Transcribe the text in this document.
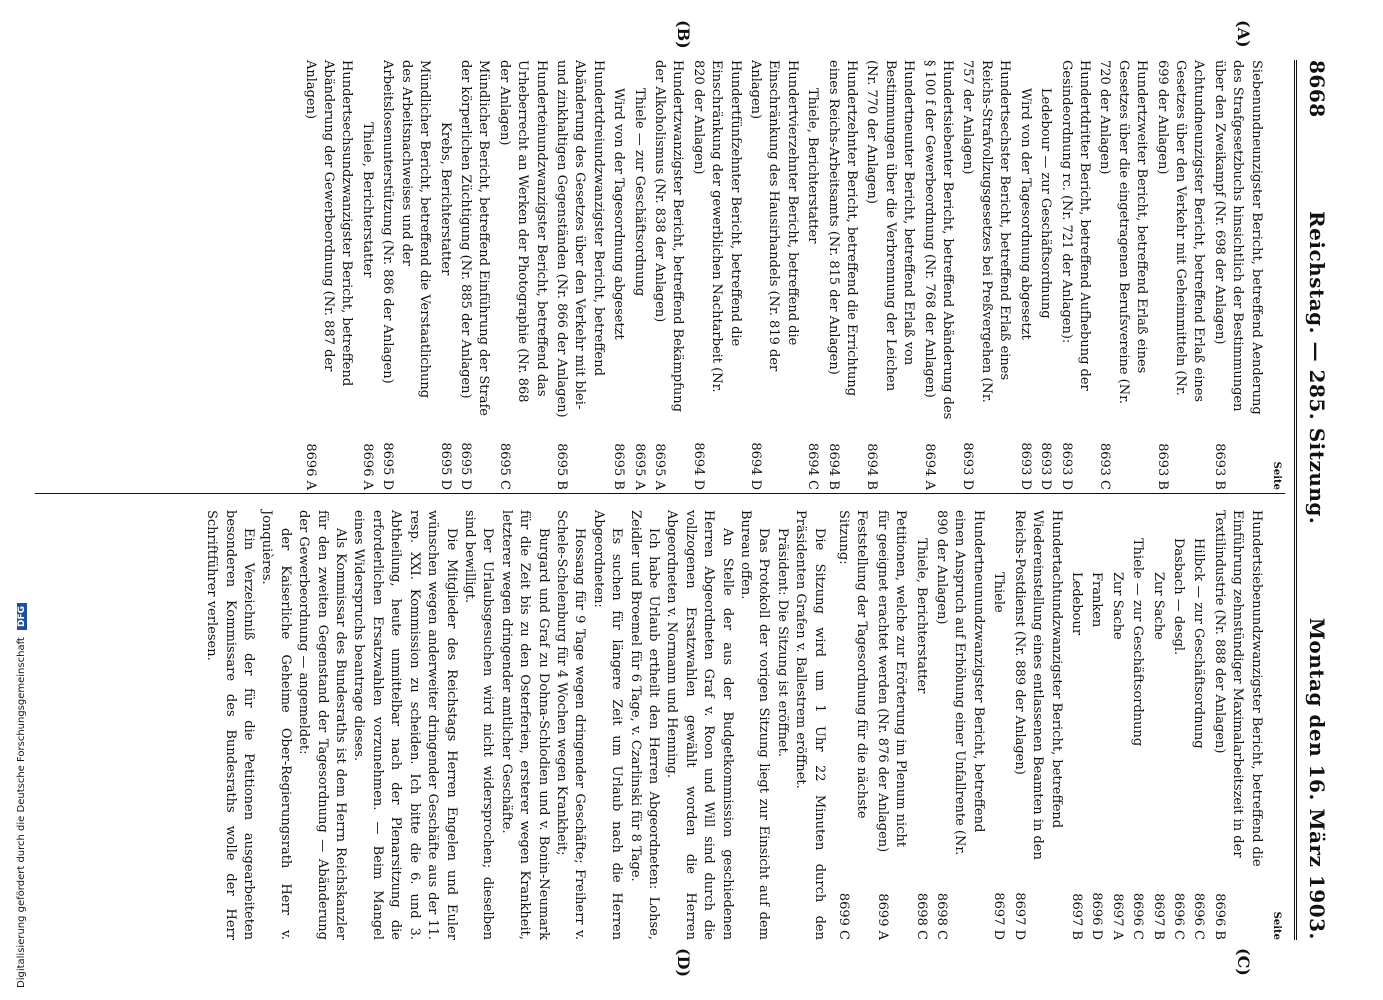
8668
Reichstag. — 285. Sitzung.
Montag den 16. März 1903.
(A)
(B)
(C)
(D)
Seite
Siebenundneunzigster Bericht, betreffend Aenderung des Strafgesetzbuchs hinsichtlich der Bestimmungen über den Zweikampf (Nr. 698 der Anlagen)
8693 B
Achtundneunzigster Bericht, betreffend Erlaß eines Gesetzes über den Verkehr mit Geheimmitteln (Nr. 699 der Anlagen)
8693 B
Hundertzweiter Bericht, betreffend Erlaß eines Gesetzes über die eingetragenen Berufsvereine (Nr. 720 der Anlagen)
8693 C
Hundertdritter Bericht, betreffend Aufhebung der Gesindeordnung rc. (Nr. 721 der Anlagen):
8693 D
Ledebour — zur Geschäftsordnung
8693 D
Wird von der Tagesordnung abgesetzt
8693 D
Hundertsechster Bericht, betreffend Erlaß eines Reichs-Strafvollzugsgesetzes bei Preßvergehen (Nr. 757 der Anlagen)
8693 D
Hundertsiebenter Bericht, betreffend Abänderung des § 100 f der Gewerbeordnung (Nr. 768 der Anlagen)
8694 A
Hundertneunter Bericht, betreffend Erlaß von Bestimmungen über die Verbrennung der Leichen (Nr. 770 der Anlagen)
8694 B
Hundertzehnter Bericht, betreffend die Errichtung eines Reichs-Arbeitsamts (Nr. 815 der Anlagen)
8694 B
Thiele, Berichterstatter
8694 C
Hundertvierzehnter Bericht, betreffend die Einschränkung des Hausirhandels (Nr. 819 der Anlagen)
8694 D
Hundertfünfzehnter Bericht, betreffend die Einschränkung der gewerblichen Nachtarbeit (Nr. 820 der Anlagen)
8694 D
Hundertzwanzigster Bericht, betreffend Bekämpfung der Alkoholismus (Nr. 838 der Anlagen)
8695 A
Thiele — zur Geschäftsordnung
8695 A
Wird von der Tagesordnung abgesetzt
8695 B
Hundertdreiundzwanzigster Bericht, betreffend Abänderung des Gesetzes über den Verkehr mit blei- und zinkhaltigen Gegenständen (Nr. 866 der Anlagen)
8695 B
Hunderteinundzwanzigster Bericht, betreffend das Urheberrecht an Werken der Photographie (Nr. 868 der Anlagen)
8695 C
Mündlicher Bericht, betreffend Einführung der Strafe der körperlichen Züchtigung (Nr. 885 der Anlagen)
8695 D
Krebs, Berichterstatter
8695 D
Mündlicher Bericht, betreffend die Verstaatlichung des Arbeitsnachweises und der Arbeitslosenunterstützung (Nr. 886 der Anlagen)
8695 D
Thiele, Berichterstatter
8696 A
Hundertsechsundzwanzigster Bericht, betreffend Abänderung der Gewerbeordnung (Nr. 887 der Anlagen)
8696 A
Seite
Hundertsiebenundzwanzigster Bericht, betreffend die Einführung zehnstündiger Maximalarbeitszeit in der Textilindustrie (Nr. 888 der Anlagen)
8696 B
Hilbck — zur Geschäftsordnung
8696 C
Dasbach — desgl.
8696 C
Zur Sache
8697 B
Thiele — zur Geschäftsordnung
8696 C
Zur Sache
8697 A
Franken
8696 D
Ledebour
8697 B
Hundertachtundzwanzigster Bericht, betreffend Wiedereinstellung eines entlassenen Beamten in den Reichs-Postdienst (Nr. 889 der Anlagen)
8697 D
Thiele
8697 D
Hundertneunundzwanzigster Bericht, betreffend einen Anspruch auf Erhöhung einer Unfallrente (Nr. 890 der Anlagen)
8698 C
Thiele, Berichterstatter
8698 C
Petitionen, welche zur Erörterung im Plenum nicht für geeignet erachtet werden (Nr. 876 der Anlagen)
8699 A
Feststellung der Tagesordnung für die nächste Sitzung:
8699 C

Die Sitzung wird um 1 Uhr 22 Minuten durch den Präsidenten Grafen v. Ballestrem eröffnet.

Präsident: Die Sitzung ist eröffnet.

Das Protokoll der vorigen Sitzung liegt zur Einsicht auf dem Bureau offen.

An Stelle der aus der Budgetkommission geschiedenen Herren Abgeordneten Graf v. Roon und Will sind durch die vollzogenen Ersatzwahlen gewählt worden die Herren Abgeordneten v. Normann und Henning.

Ich habe Urlaub ertheilt den Herren Abgeordneten: Lohse, Zeidler und Broemel für 6 Tage, v. Czarlinski für 8 Tage.

Es suchen für längere Zeit um Urlaub nach die Herren Abgeordneten:

Hossang für 9 Tage wegen dringender Geschäfte; Freiherr v. Schele-Schelenburg für 4 Wochen wegen Krankheit;

Burgard und Graf zu Dohna-Schlodien und v. Bonin-Neumark für die Zeit bis zu den Osterferien, ersterer wegen Krankheit, letzterer wegen dringender amtlicher Geschäfte.

Der Urlaubsgesuchen wird nicht widersprochen; dieselben sind bewilligt.

Die Mitglieder des Reichstags Herren Engelen und Euler wünschen wegen anderweiter dringender Geschäfte aus der 11. resp. XXI. Kommission zu scheiden. Ich bitte die 6. und 3. Abtheilung, heute unmittelbar nach der Plenarsitzung die erforderlichen Ersatzwahlen vorzunehmen. — Beim Mangel eines Widerspruchs beantrage dieses.

Als Kommissar des Bundesraths ist dem Herrn Reichskanzler für den zweiten Gegenstand der Tagesordnung — Abänderung der Gewerbeordnung — angemeldet:

der Kaiserliche Geheime Ober-Regierungsrath Herr v. Jonquières.

Ein Verzeichniß der für die Petitionen ausgearbeiteten besonderen Kommissare des Bundesraths wolle der Herr Schriftführer verlesen.

Digitalisierung gefördert durch die Deutsche Forschungsgemeinschaft DFG
